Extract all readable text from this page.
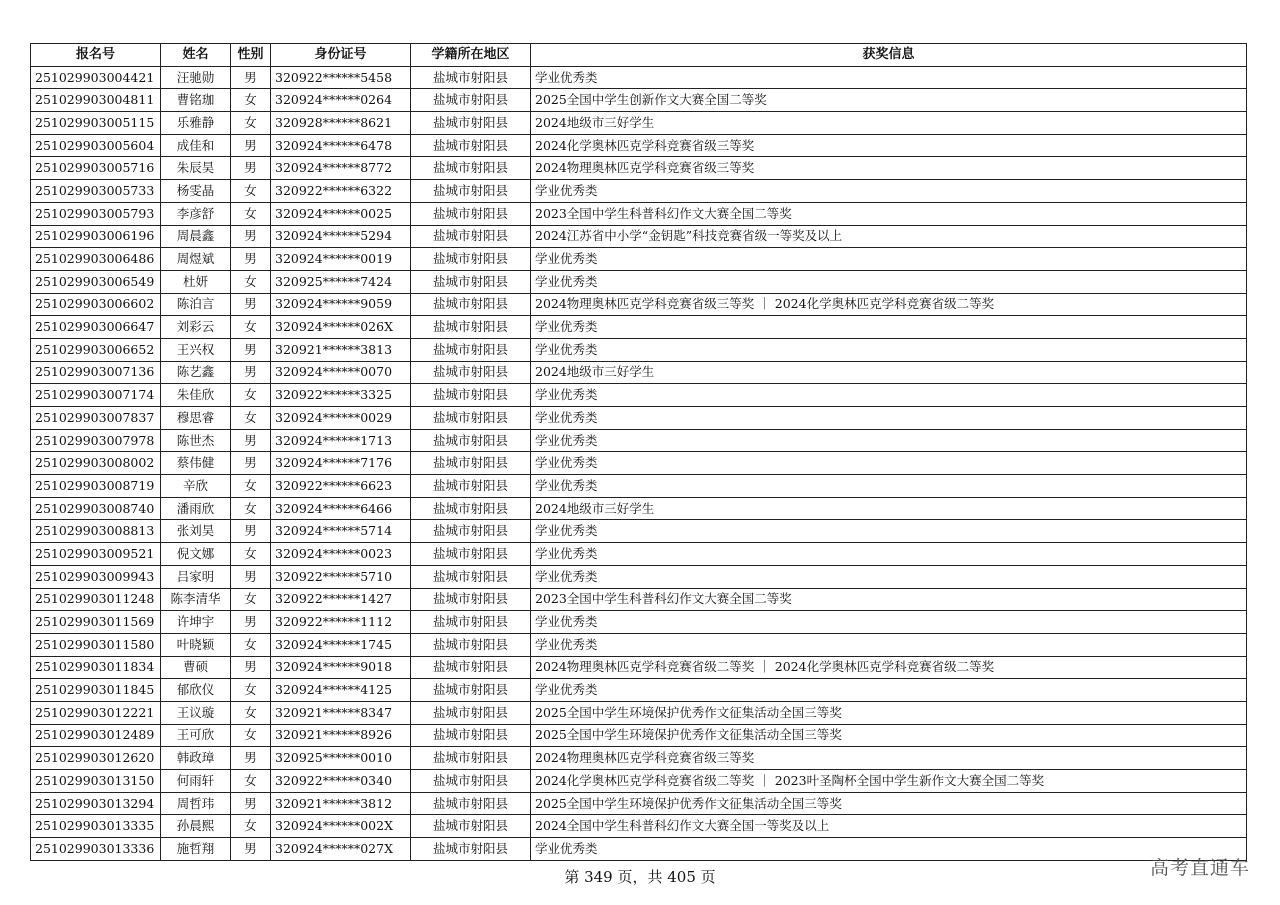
报名号	姓名	性别	身份证号	学籍所在地区	获奖信息
251029903004421	汪驰勋	男	320922******5458	盐城市射阳县	学业优秀类
251029903004811	曹铭珈	女	320924******0264	盐城市射阳县	2025全国中学生创新作文大赛全国二等奖
251029903005115	乐雅静	女	320928******8621	盐城市射阳县	2024地级市三好学生
251029903005604	成佳和	男	320924******6478	盐城市射阳县	2024化学奥林匹克学科竞赛省级三等奖
251029903005716	朱辰昊	男	320924******8772	盐城市射阳县	2024物理奥林匹克学科竞赛省级三等奖
251029903005733	杨雯晶	女	320922******6322	盐城市射阳县	学业优秀类
251029903005793	李彦舒	女	320924******0025	盐城市射阳县	2023全国中学生科普科幻作文大赛全国二等奖
251029903006196	周晨鑫	男	320924******5294	盐城市射阳县	2024江苏省中小学“金钥匙”科技竞赛省级一等奖及以上
251029903006486	周煜斌	男	320924******0019	盐城市射阳县	学业优秀类
251029903006549	杜妍	女	320925******7424	盐城市射阳县	学业优秀类
251029903006602	陈泊言	男	320924******9059	盐城市射阳县	2024物理奥林匹克学科竞赛省级三等奖 ｜ 2024化学奥林匹克学科竞赛省级二等奖
251029903006647	刘彩云	女	320924******026X	盐城市射阳县	学业优秀类
251029903006652	王兴权	男	320921******3813	盐城市射阳县	学业优秀类
251029903007136	陈艺鑫	男	320924******0070	盐城市射阳县	2024地级市三好学生
251029903007174	朱佳欣	女	320922******3325	盐城市射阳县	学业优秀类
251029903007837	穆思睿	女	320924******0029	盐城市射阳县	学业优秀类
251029903007978	陈世杰	男	320924******1713	盐城市射阳县	学业优秀类
251029903008002	蔡伟健	男	320924******7176	盐城市射阳县	学业优秀类
251029903008719	辛欣	女	320922******6623	盐城市射阳县	学业优秀类
251029903008740	潘雨欣	女	320924******6466	盐城市射阳县	2024地级市三好学生
251029903008813	张刘昊	男	320924******5714	盐城市射阳县	学业优秀类
251029903009521	倪文娜	女	320924******0023	盐城市射阳县	学业优秀类
251029903009943	吕家明	男	320922******5710	盐城市射阳县	学业优秀类
251029903011248	陈李清华	女	320922******1427	盐城市射阳县	2023全国中学生科普科幻作文大赛全国二等奖
251029903011569	许坤宇	男	320922******1112	盐城市射阳县	学业优秀类
251029903011580	叶晓颖	女	320924******1745	盐城市射阳县	学业优秀类
251029903011834	曹硕	男	320924******9018	盐城市射阳县	2024物理奥林匹克学科竞赛省级二等奖 ｜ 2024化学奥林匹克学科竞赛省级二等奖
251029903011845	郁欣仪	女	320924******4125	盐城市射阳县	学业优秀类
251029903012221	王议璇	女	320921******8347	盐城市射阳县	2025全国中学生环境保护优秀作文征集活动全国三等奖
251029903012489	王可欣	女	320921******8926	盐城市射阳县	2025全国中学生环境保护优秀作文征集活动全国三等奖
251029903012620	韩政璋	男	320925******0010	盐城市射阳县	2024物理奥林匹克学科竞赛省级三等奖
251029903013150	何雨轩	女	320922******0340	盐城市射阳县	2024化学奥林匹克学科竞赛省级二等奖 ｜ 2023叶圣陶杯全国中学生新作文大赛全国二等奖
251029903013294	周哲玮	男	320921******3812	盐城市射阳县	2025全国中学生环境保护优秀作文征集活动全国三等奖
251029903013335	孙晨熙	女	320924******002X	盐城市射阳县	2024全国中学生科普科幻作文大赛全国一等奖及以上
251029903013336	施哲翔	男	320924******027X	盐城市射阳县	学业优秀类
第 349 页，共 405 页	高考直通车
